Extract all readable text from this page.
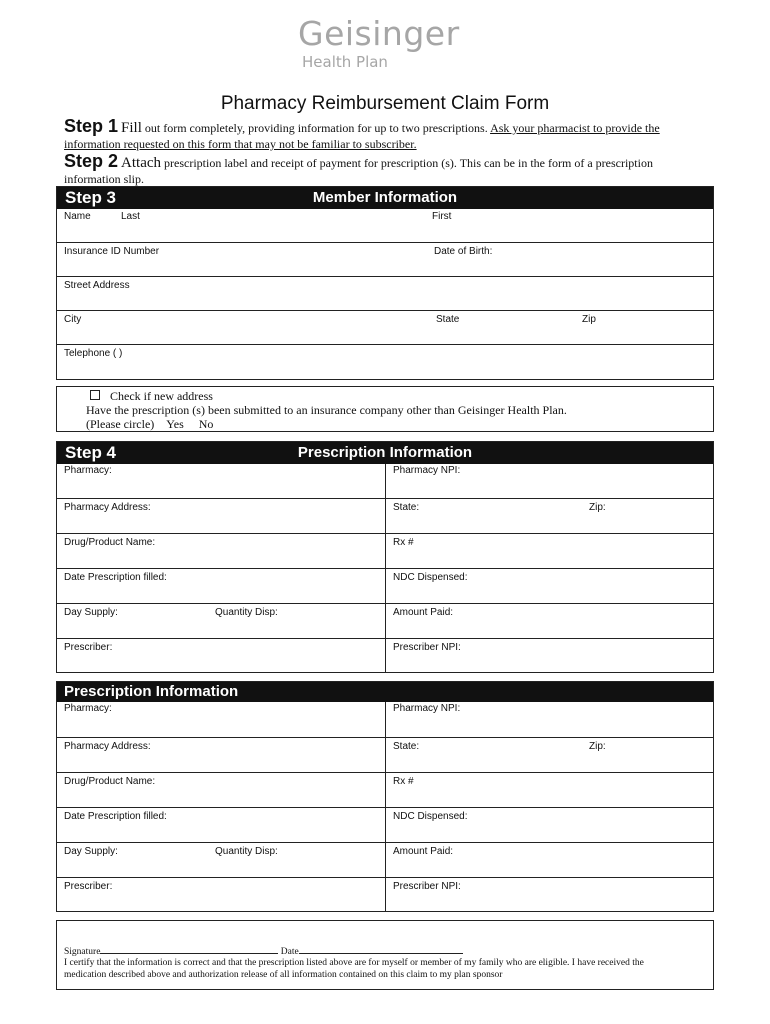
Geisinger
Health Plan
Pharmacy Reimbursement Claim Form
Step 1 Fill out form completely, providing information for up to two prescriptions. Ask your pharmacist to provide the
information requested on this form that may not be familiar to subscriber.
Step 2 Attach prescription label and receipt of payment for prescription (s). This can be in the form of a prescription
information slip.
Member Information
Step 3
Name	Last	First
Insurance ID Number	Date of Birth:
Street Address
City	State	Zip
Telephone ( )
Check if new address
Have the prescription (s) been submitted to an insurance company other than Geisinger Health Plan.
(Please circle) Yes No
Prescription Information
Step 4
Pharmacy:	Pharmacy NPI:
Pharmacy Address:	State:	Zip:
Drug/Product Name:	Rx #
Date Prescription filled:	NDC Dispensed:
Day Supply:	Quantity Disp:	Amount Paid:
Prescriber:	Prescriber NPI:
Prescription Information
Pharmacy:	Pharmacy NPI:
Pharmacy Address:	State:	Zip:
Drug/Product Name:	Rx #
Date Prescription filled:	NDC Dispensed:
Day Supply:	Quantity Disp:	Amount Paid:
Prescriber:	Prescriber NPI:
Signature	Date
I certify that the information is correct and that the prescription listed above are for myself or member of my family who are eligible. I have received the
medication described above and authorization release of all information contained on this claim to my plan sponsor
